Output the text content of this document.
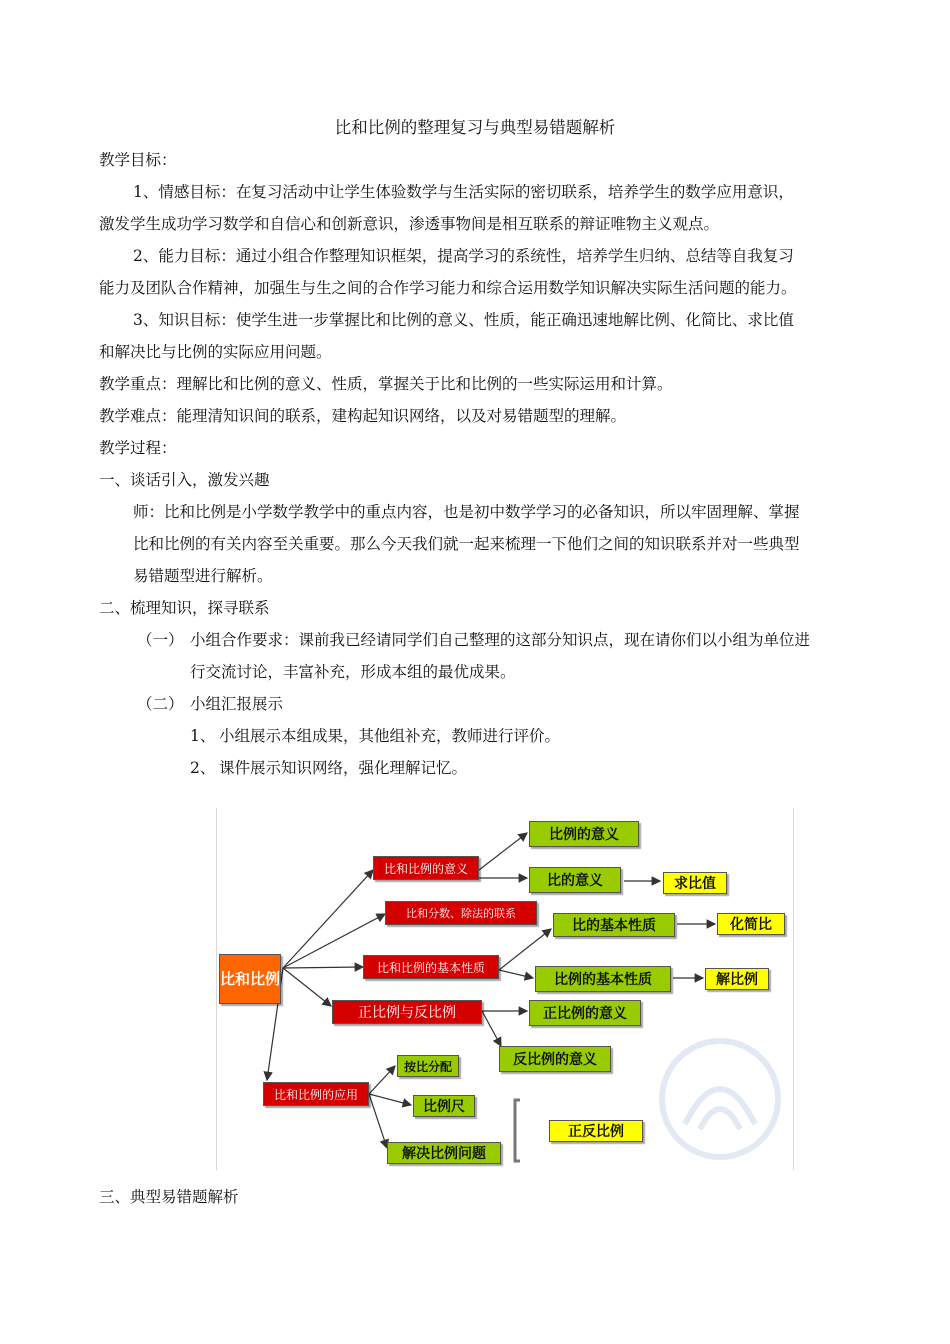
比和比例的整理复习与典型易错题解析
教学目标：
1、情感目标：在复习活动中让学生体验数学与生活实际的密切联系，培养学生的数学应用意识，
激发学生成功学习数学和自信心和创新意识，渗透事物间是相互联系的辩证唯物主义观点。
2、能力目标：通过小组合作整理知识框架，提高学习的系统性，培养学生归纳、总结等自我复习
能力及团队合作精神，加强生与生之间的合作学习能力和综合运用数学知识解决实际生活问题的能力。
3、知识目标：使学生进一步掌握比和比例的意义、性质，能正确迅速地解比例、化简比、求比值
和解决比与比例的实际应用问题。
教学重点：理解比和比例的意义、性质，掌握关于比和比例的一些实际运用和计算。
教学难点：能理清知识间的联系，建构起知识网络，以及对易错题型的理解。
教学过程：
一、谈话引入，激发兴趣
师：比和比例是小学数学教学中的重点内容，也是初中数学学习的必备知识，所以牢固理解、掌握
比和比例的有关内容至关重要。那么今天我们就一起来梳理一下他们之间的知识联系并对一些典型
易错题型进行解析。
二、梳理知识，探寻联系
（一） 小组合作要求：课前我已经请同学们自己整理的这部分知识点，现在请你们以小组为单位进
行交流讨论，丰富补充，形成本组的最优成果。
（二） 小组汇报展示
1、 小组展示本组成果，其他组补充，教师进行评价。
2、 课件展示知识网络，强化理解记忆。
比和比例
比和比例的意义
比和分数、除法的联系
比和比例的基本性质
正比例与反比例
比和比例的应用
比例的意义
比的意义	求比值
比的基本性质	化简比
比例的基本性质	解比例
正比例的意义
反比例的意义
按比分配
比例尺
解决比例问题
正反比例
三、典型易错题解析
